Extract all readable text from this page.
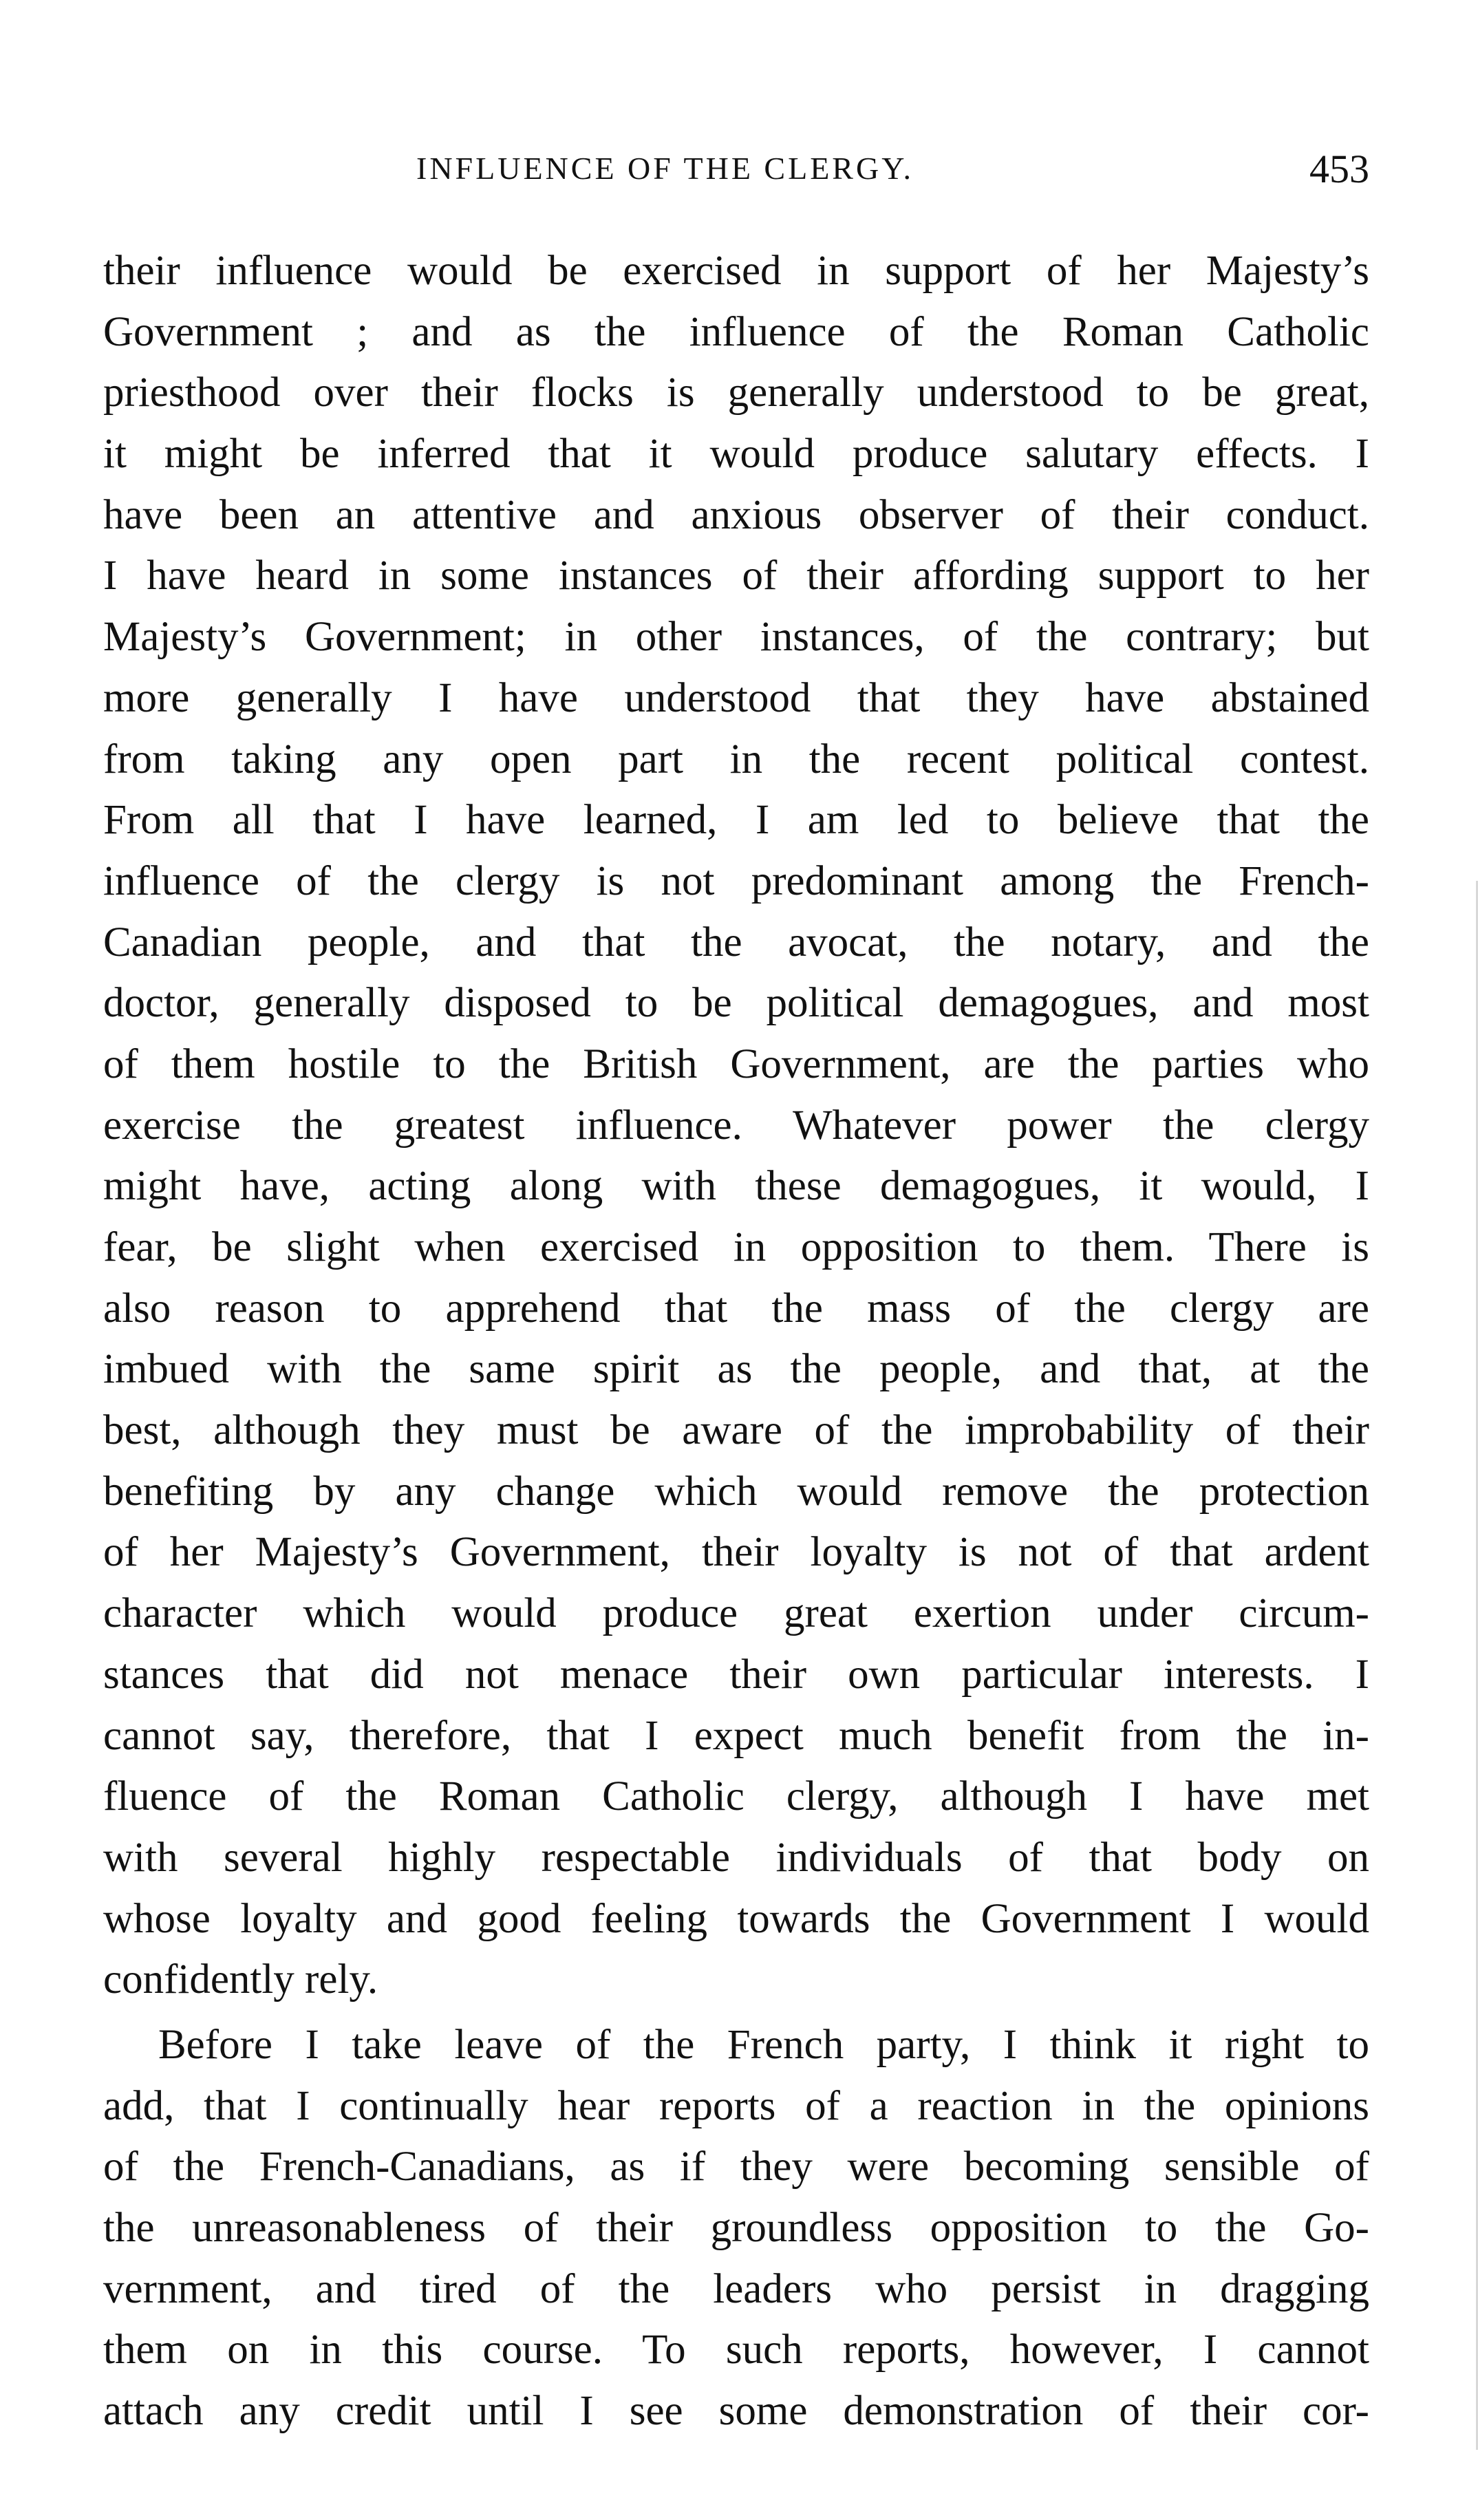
INFLUENCE OF THE CLERGY.	453
their influence would be exercised in support of her Majesty’s
Government ; and as the influence of the Roman Catholic
priesthood over their flocks is generally understood to be great,
it might be inferred that it would produce salutary effects. I
have been an attentive and anxious observer of their conduct.
I have heard in some instances of their affording support to her
Majesty’s Government; in other instances, of the contrary; but
more generally I have understood that they have abstained
from taking any open part in the recent political contest.
From all that I have learned, I am led to believe that the
influence of the clergy is not predominant among the French-
Canadian people, and that the avocat, the notary, and the
doctor, generally disposed to be political demagogues, and most
of them hostile to the British Government, are the parties who
exercise the greatest influence. Whatever power the clergy
might have, acting along with these demagogues, it would, I
fear, be slight when exercised in opposition to them. There is
also reason to apprehend that the mass of the clergy are
imbued with the same spirit as the people, and that, at the
best, although they must be aware of the improbability of their
benefiting by any change which would remove the protection
of her Majesty’s Government, their loyalty is not of that ardent
character which would produce great exertion under circum-
stances that did not menace their own particular interests. I
cannot say, therefore, that I expect much benefit from the in-
fluence of the Roman Catholic clergy, although I have met
with several highly respectable individuals of that body on
whose loyalty and good feeling towards the Government I would
confidently rely.
Before I take leave of the French party, I think it right to
add, that I continually hear reports of a reaction in the opinions
of the French-Canadians, as if they were becoming sensible of
the unreasonableness of their groundless opposition to the Go-
vernment, and tired of the leaders who persist in dragging
them on in this course. To such reports, however, I cannot
attach any credit until I see some demonstration of their cor-
